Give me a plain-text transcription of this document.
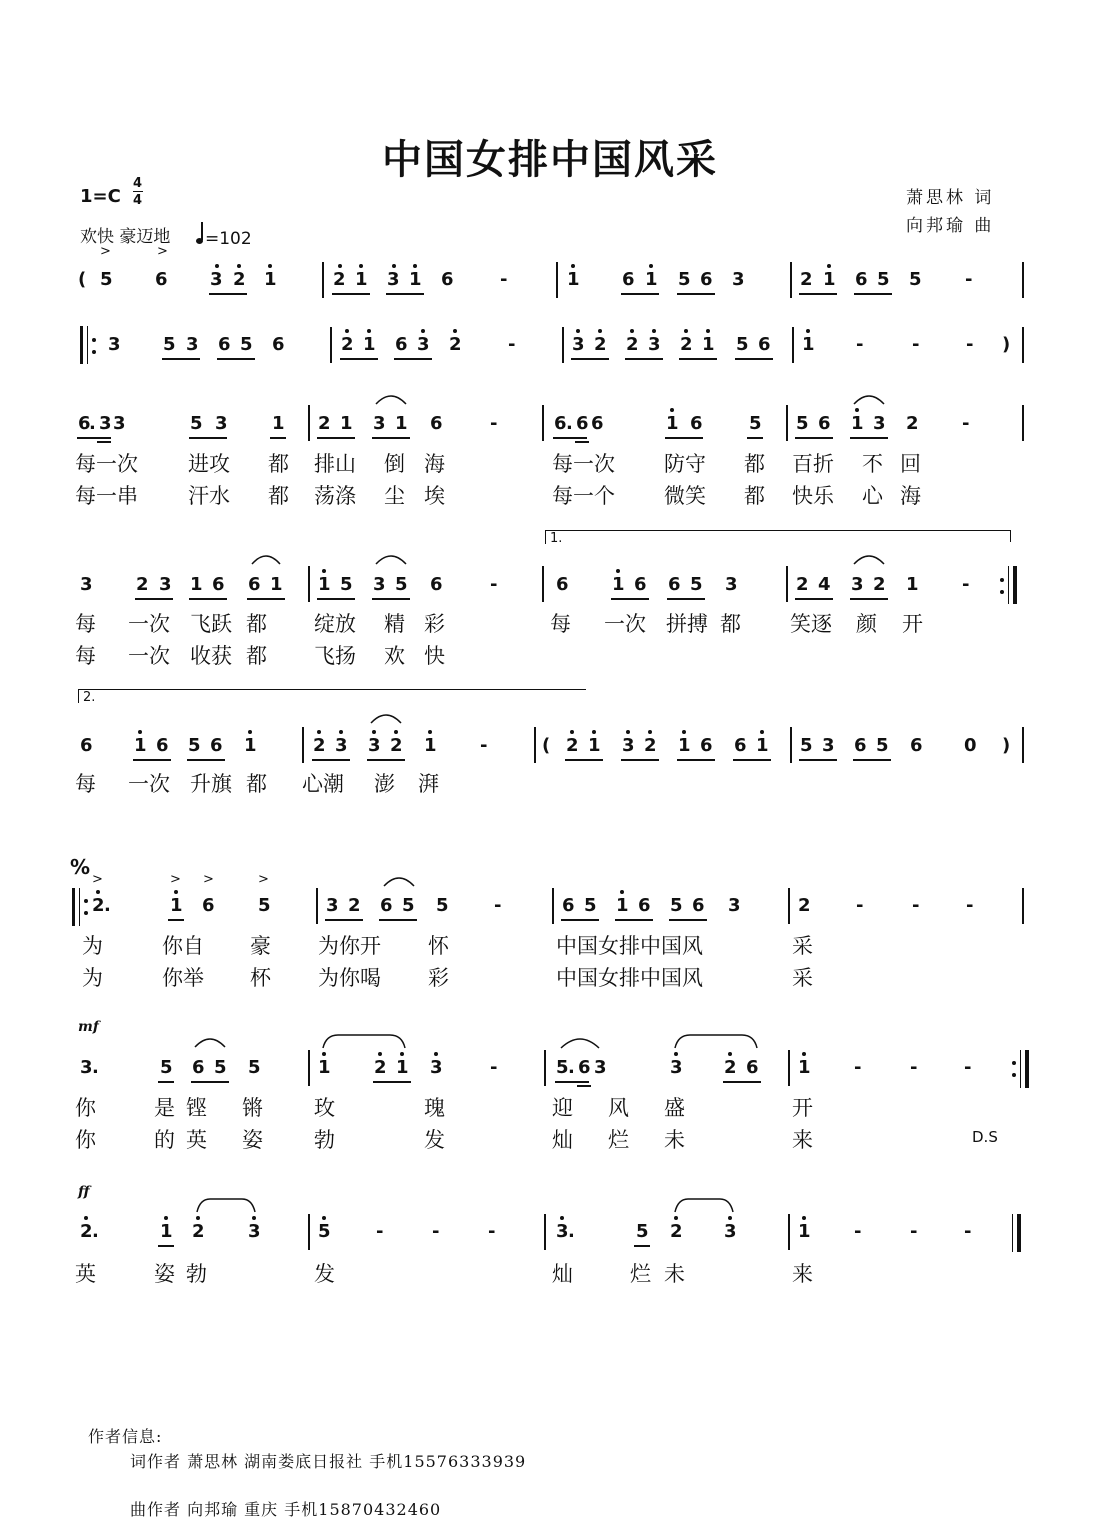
中国女排中国风采
1=C
4
4
欢快 豪迈地 =102
萧思林 词
向邦瑜 曲
>	>
( 5 6 3 2 1	2 1 3 1 6	-	1 6 1 5 6 3	2 1 6 5 5 -
3 5 3 6 5 6	2 1 6 3 2	-	3 2 2 3 2 1 5 6 1 -	-	- )
6
. 3 3	5 3 1 2 1 3 1 6	-	6 . 6 6	1 6	5 5 6 1 3 2 -
每一次 进攻 都 排山 倒 海	每一次 防守 都 百折 不 回
每一串 汗水 都 荡涤 尘 埃	每一个 微笑 都 快乐 心 海
1.
3 2 3 1 6 6 1 1 5 3 5 6	-	6 1 6 6 5 3	2 4 3 2 1 -
每 一次 飞跃 都 绽放 精 彩	每 一次 拼搏 都 笑逐 颜 开
每 一次 收获 都 飞扬 欢 快
2.
6 1 6 5 6 1	2 3 3 2 1 -	( 2 1 3 2 1 6 6 1 5 3 6 5 6 0 )
每 一次 升旗 都 心潮 澎 湃
%
>	> >	>
2 .	1 6 5	3 2 6 5 5	-	6 5 1 6 5 6 3	2	-	-	-
为	你自 豪 为你开 怀	中国女排中国风	采
为	你举 杯 为你喝 彩	中国女排中国风	采
mf
3 .	5 6 5 5	1 2 1 3	-	5 . 6 3	3 2 6 1 -	-	-
你	是 铿 锵 玫	瑰	迎 风 盛	开
你	的 英 姿 勃	发	灿 烂 未	来	D.S
ff
2 .	1 2 3	5	-	-	-	3 .	5 2 3	1 -	-	-
英	姿 勃	发	灿	烂 未	来
作者信息:
词作者 萧思林 湖南娄底日报社 手机15576333939
曲作者 向邦瑜 重庆 手机15870432460
